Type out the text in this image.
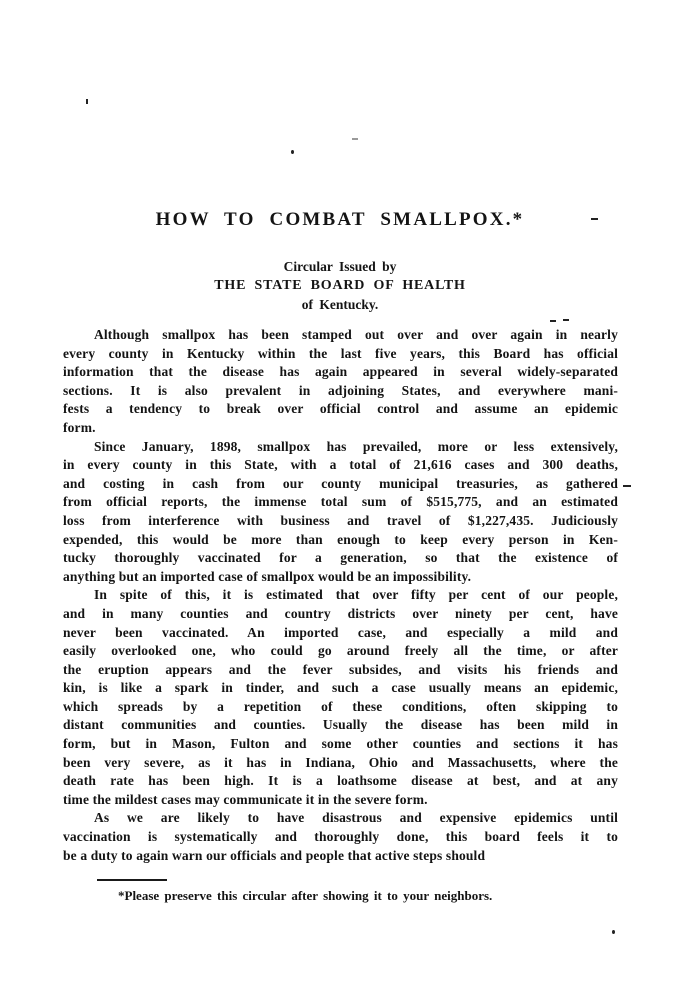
HOW TO COMBAT SMALLPOX.*
Circular Issued by
THE STATE BOARD OF HEALTH
of Kentucky.
Although smallpox has been stamped out over and over again in nearly
every county in Kentucky within the last five years, this Board has official
information that the disease has again appeared in several widely-separated
sections. It is also prevalent in adjoining States, and everywhere mani-
fests a tendency to break over official control and assume an epidemic
form.
Since January, 1898, smallpox has prevailed, more or less extensively,
in every county in this State, with a total of 21,616 cases and 300 deaths,
and costing in cash from our county municipal treasuries, as gathered
from official reports, the immense total sum of $515,775, and an estimated
loss from interference with business and travel of $1,227,435. Judiciously
expended, this would be more than enough to keep every person in Ken-
tucky thoroughly vaccinated for a generation, so that the existence of
anything but an imported case of smallpox would be an impossibility.
In spite of this, it is estimated that over fifty per cent of our people,
and in many counties and country districts over ninety per cent, have
never been vaccinated. An imported case, and especially a mild and
easily overlooked one, who could go around freely all the time, or after
the eruption appears and the fever subsides, and visits his friends and
kin, is like a spark in tinder, and such a case usually means an epidemic,
which spreads by a repetition of these conditions, often skipping to
distant communities and counties. Usually the disease has been mild in
form, but in Mason, Fulton and some other counties and sections it has
been very severe, as it has in Indiana, Ohio and Massachusetts, where the
death rate has been high. It is a loathsome disease at best, and at any
time the mildest cases may communicate it in the severe form.
As we are likely to have disastrous and expensive epidemics until
vaccination is systematically and thoroughly done, this board feels it to
be a duty to again warn our officials and people that active steps should
*Please preserve this circular after showing it to your neighbors.
